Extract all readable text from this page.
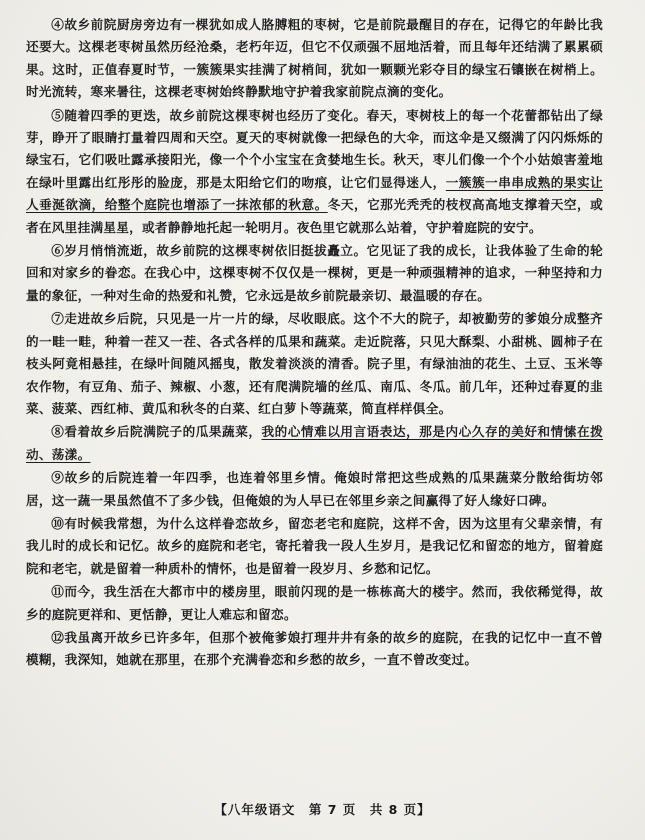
④故乡前院厨房旁边有一棵犹如成人胳膊粗的枣树，它是前院最醒目的存在，记得它的年龄比我还要大。这棵老枣树虽然历经沧桑，老朽年迈，但它不仅顽强不屈地活着，而且每年还结满了累累硕果。这时，正值春夏时节，一簇簇果实挂满了树梢间，犹如一颗颗光彩夺目的绿宝石镶嵌在树梢上。时光流转，寒来暑往，这棵老枣树始终静默地守护着我家前院点滴的变化。

⑤随着四季的更迭，故乡前院这棵枣树也经历了变化。春天，枣树枝上的每一个花蕾都钻出了绿芽，睁开了眼睛打量着四周和天空。夏天的枣树就像一把绿色的大伞，而这伞是又缀满了闪闪烁烁的绿宝石，它们吸吐露承接阳光，像一个个小宝宝在贪婪地生长。秋天，枣儿们像一个个小姑娘害羞地在绿叶里露出红彤彤的脸庞，那是太阳给它们的吻痕，让它们显得迷人，一簇簇一串串成熟的果实让人垂涎欲滴，给整个庭院也增添了一抹浓郁的秋意。冬天，它那光秃秃的枝杈高高地支撑着天空，或者在风里挂满星星，或者静静地托起一轮明月。夜色里它就那么站着，守护着庭院的安宁。

⑥岁月悄悄流逝，故乡前院的这棵枣树依旧挺拔矗立。它见证了我的成长，让我体验了生命的轮回和对家乡的眷恋。在我心中，这棵枣树不仅仅是一棵树，更是一种顽强精神的追求，一种坚持和力量的象征，一种对生命的热爱和礼赞，它永远是故乡前院最亲切、最温暖的存在。

⑦走进故乡后院，只见是一片一片的绿，尽收眼底。这个不大的院子，却被勤劳的爹娘分成整齐的一畦一畦，种着一茬又一茬、各式各样的瓜果和蔬菜。走近院落，只见大酥梨、小甜桃、圆柿子在枝头阿竟相悬挂，在绿叶间随风摇曳，散发着淡淡的清香。院子里，有绿油油的花生、土豆、玉米等农作物，有豆角、茄子、辣椒、小葱，还有爬满院墙的丝瓜、南瓜、冬瓜。前几年，还种过春夏的韭菜、菠菜、西红柿、黄瓜和秋冬的白菜、红白萝卜等蔬菜，简直样样俱全。

⑧看着故乡后院满院子的瓜果蔬菜，我的心情难以用言语表达，那是内心久存的美好和情愫在拨动、荡漾。

⑨故乡的后院连着一年四季，也连着邻里乡情。俺娘时常把这些成熟的瓜果蔬菜分散给街坊邻居，这一蔬一果虽然值不了多少钱，但俺娘的为人早已在邻里乡亲之间赢得了好人缘好口碑。

⑩有时候我常想，为什么这样眷恋故乡，留恋老宅和庭院，这样不舍，因为这里有父辈亲情，有我儿时的成长和记忆。故乡的庭院和老宅，寄托着我一段人生岁月，是我记忆和留恋的地方，留着庭院和老宅，就是留着一种质朴的情怀，也是留着一段岁月、乡愁和记忆。

⑪而今，我生活在大都市中的楼房里，眼前闪现的是一栋栋高大的楼宇。然而，我依稀觉得，故乡的庭院更祥和、更恬静，更让人难忘和留恋。

⑫我虽离开故乡已许多年，但那个被俺爹娘打理井井有条的故乡的庭院，在我的记忆中一直不曾模糊，我深知，她就在那里，在那个充满眷恋和乡愁的故乡，一直不曾改变过。

【八年级语文　第 7 页　共 8 页】
